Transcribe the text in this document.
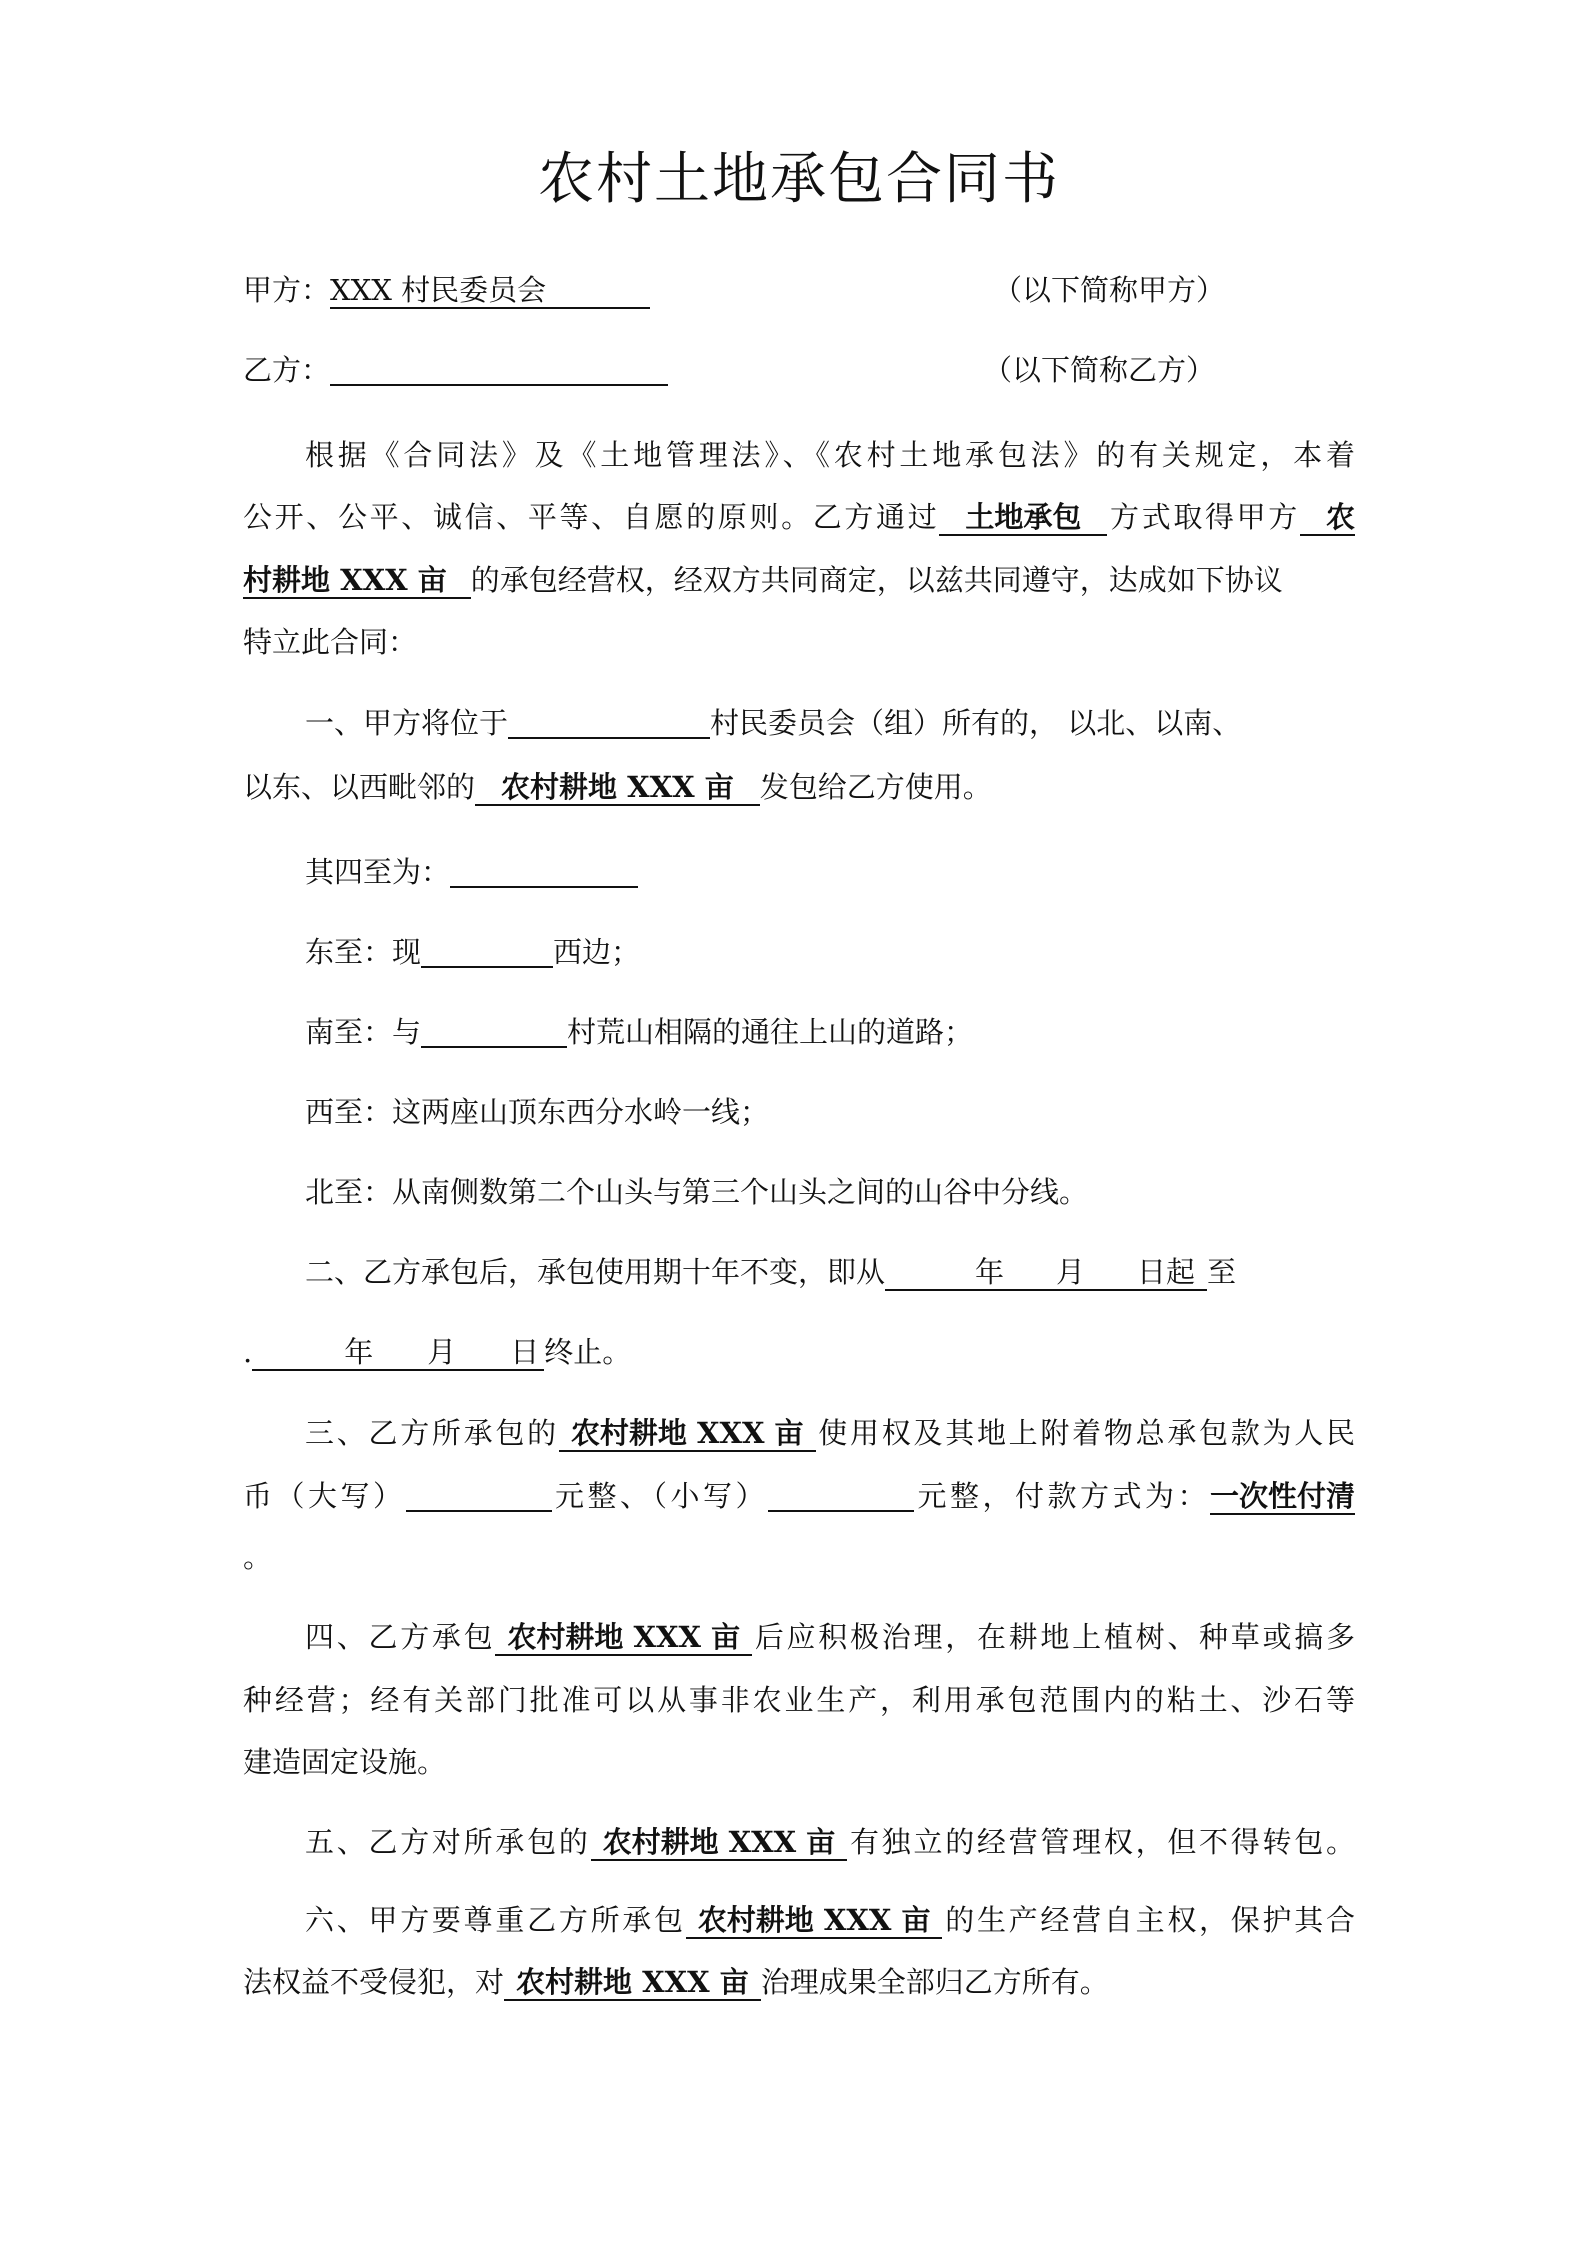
农村土地承包合同书
甲方：XXX 村民委员会	（以下简称甲方）
乙方：	（以下简称乙方）
根据《合同法》及《土地管理法》、《农村土地承包法》的有关规定，本着
公开、公平、诚信、平等、自愿的原则。乙方通过 土地承包 方式取得甲方 农
村耕地 XXX 亩 的承包经营权，经双方共同商定，以兹共同遵守，达成如下协议
特立此合同：
一、甲方将位于	村民委员会（组）所有的， 以北、以南、
以东、以西毗邻的 农村耕地 XXX 亩 发包给乙方使用。
其四至为：
东至：现	西边；
南至：与	村荒山相隔的通往上山的道路；
西至：这两座山顶东西分水岭一线；
北至：从南侧数第二个山头与第三个山头之间的山谷中分线。
二、乙方承包后，承包使用期十年不变，即从	年 月 日起 至
.	年 月 日 终止。
三、乙方所承包的 农村耕地 XXX 亩 使用权及其地上附着物总承包款为人民
币（大写）	元整、（小写）	元整，付款方式为：一次性付清
。
四、乙方承包 农村耕地 XXX 亩 后应积极治理，在耕地上植树、种草或搞多
种经营；经有关部门批准可以从事非农业生产，利用承包范围内的粘土、沙石等
建造固定设施。
五、乙方对所承包的 农村耕地 XXX 亩 有独立的经营管理权，但不得转包。
六、甲方要尊重乙方所承包 农村耕地 XXX 亩 的生产经营自主权，保护其合
法权益不受侵犯，对 农村耕地 XXX 亩 治理成果全部归乙方所有。
